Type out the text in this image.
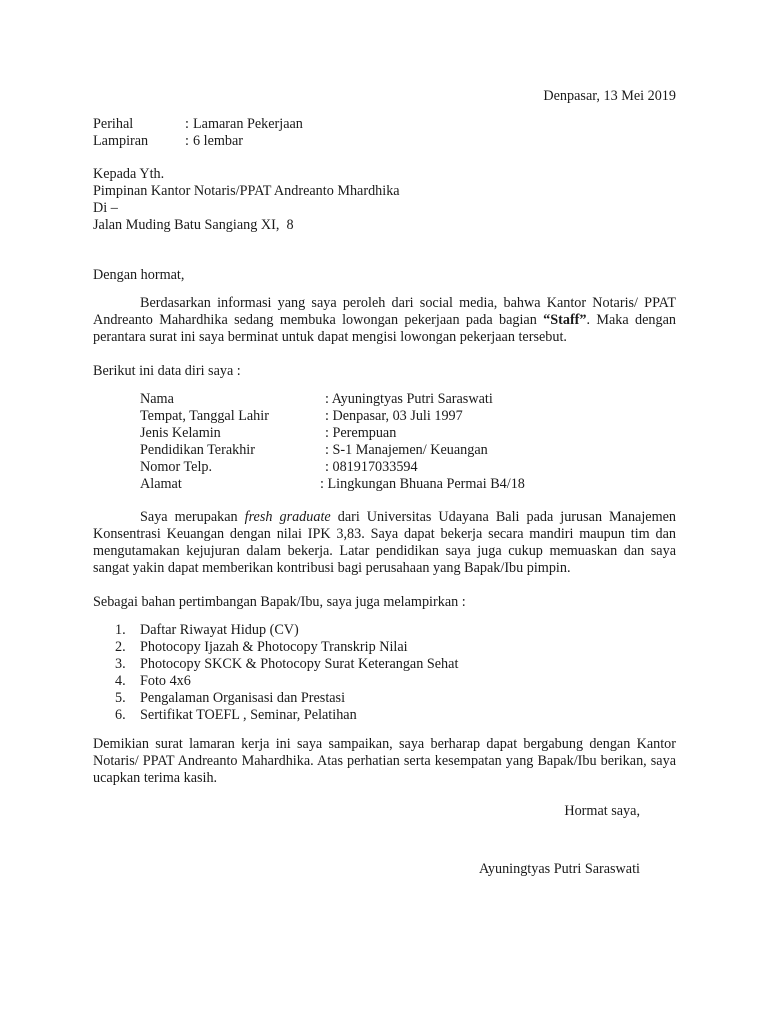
Denpasar, 13 Mei 2019
Perihal	: Lamaran Pekerjaan
Lampiran	: 6 lembar
Kepada Yth.
Pimpinan Kantor Notaris/PPAT Andreanto Mhardhika
Di –
Jalan Muding Batu Sangiang XI,  8
Dengan hormat,

Berdasarkan informasi yang saya peroleh dari social media, bahwa Kantor Notaris/ PPAT Andreanto Mahardhika sedang membuka lowongan pekerjaan pada bagian “Staff”. Maka dengan perantara surat ini saya berminat untuk dapat mengisi lowongan pekerjaan tersebut.

Berikut ini data diri saya :
Nama	: Ayuningtyas Putri Saraswati
Tempat, Tanggal Lahir	: Denpasar, 03 Juli 1997
Jenis Kelamin	: Perempuan
Pendidikan Terakhir	: S-1 Manajemen/ Keuangan
Nomor Telp.	: 081917033594
Alamat	: Lingkungan Bhuana Permai B4/18

Saya merupakan fresh graduate dari Universitas Udayana Bali pada jurusan Manajemen Konsentrasi Keuangan dengan nilai IPK 3,83. Saya dapat bekerja secara mandiri maupun tim dan mengutamakan kejujuran dalam bekerja. Latar pendidikan saya juga cukup memuaskan dan saya sangat yakin dapat memberikan kontribusi bagi perusahaan yang Bapak/Ibu pimpin.

Sebagai bahan pertimbangan Bapak/Ibu, saya juga melampirkan :
1.	Daftar Riwayat Hidup (CV)
2.	Photocopy Ijazah & Photocopy Transkrip Nilai
3.	Photocopy SKCK & Photocopy Surat Keterangan Sehat
4.	Foto 4x6
5.	Pengalaman Organisasi dan Prestasi
6.	Sertifikat TOEFL , Seminar, Pelatihan

Demikian surat lamaran kerja ini saya sampaikan, saya berharap dapat bergabung dengan Kantor Notaris/ PPAT Andreanto Mahardhika. Atas perhatian serta kesempatan yang Bapak/Ibu berikan, saya ucapkan terima kasih.

Hormat saya,
Ayuningtyas Putri Saraswati
